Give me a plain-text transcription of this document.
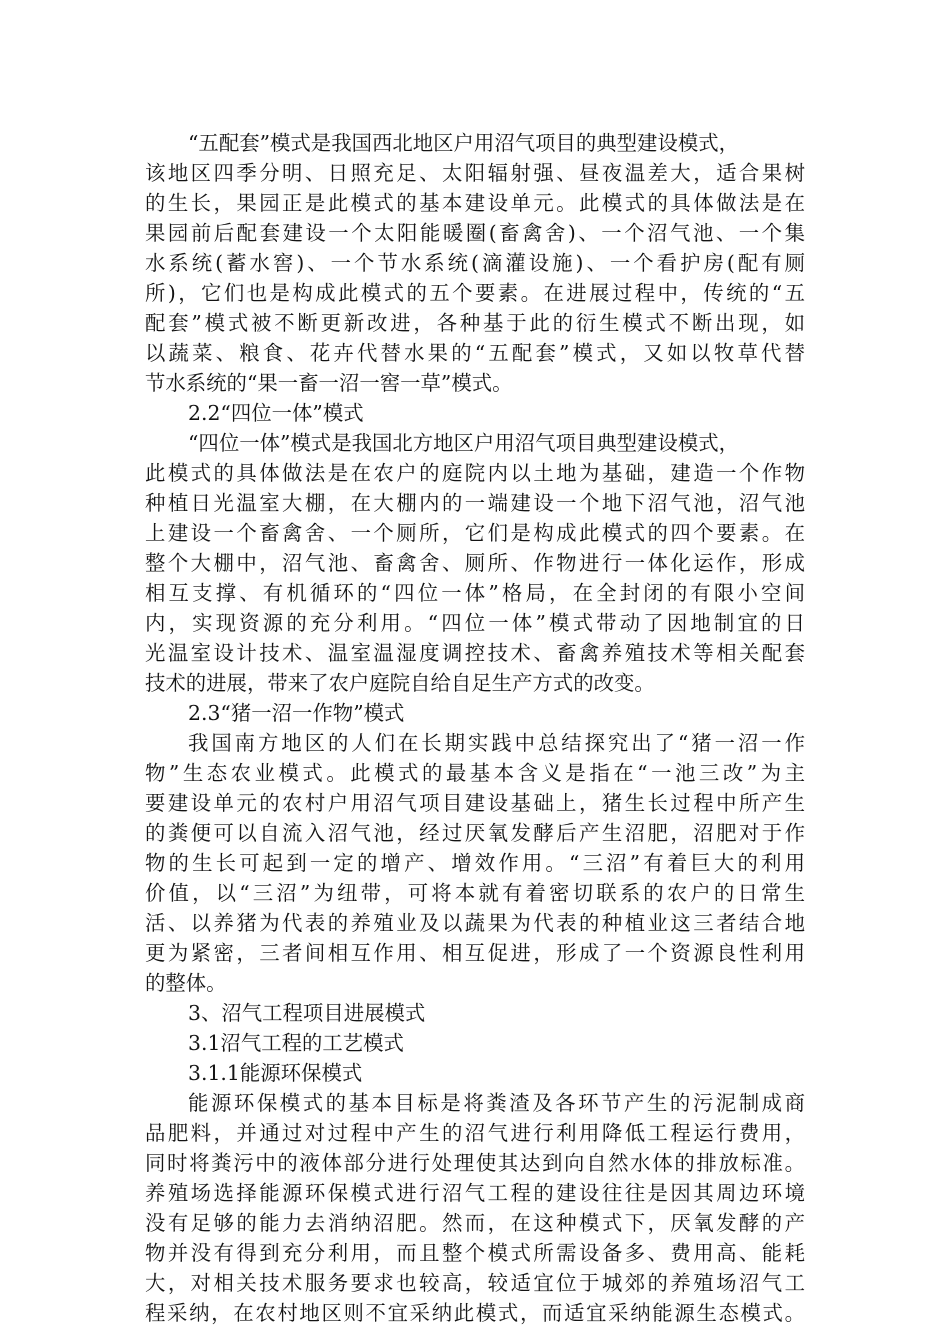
“五配套”模式是我国西北地区户用沼气项目的典型建设模式，
该地区四季分明、日照充足、太阳辐射强、昼夜温差大，适合果树
的生长，果园正是此模式的基本建设单元。此模式的具体做法是在
果园前后配套建设一个太阳能暖圈(畜禽舍)、一个沼气池、一个集
水系统(蓄水窖)、一个节水系统(滴灌设施)、一个看护房(配有厕
所)，它们也是构成此模式的五个要素。在进展过程中，传统的“五
配套”模式被不断更新改进，各种基于此的衍生模式不断出现，如
以蔬菜、粮食、花卉代替水果的“五配套”模式，又如以牧草代替
节水系统的“果一畜一沼一窖一草”模式。
2.2“四位一体”模式
“四位一体”模式是我国北方地区户用沼气项目典型建设模式，
此模式的具体做法是在农户的庭院内以土地为基础，建造一个作物
种植日光温室大棚，在大棚内的一端建设一个地下沼气池，沼气池
上建设一个畜禽舍、一个厕所，它们是构成此模式的四个要素。在
整个大棚中，沼气池、畜禽舍、厕所、作物进行一体化运作，形成
相互支撑、有机循环的“四位一体”格局，在全封闭的有限小空间
内，实现资源的充分利用。“四位一体”模式带动了因地制宜的日
光温室设计技术、温室温湿度调控技术、畜禽养殖技术等相关配套
技术的进展，带来了农户庭院自给自足生产方式的改变。
2.3“猪一沼一作物”模式
我国南方地区的人们在长期实践中总结探究出了“猪一沼一作
物”生态农业模式。此模式的最基本含义是指在“一池三改”为主
要建设单元的农村户用沼气项目建设基础上，猪生长过程中所产生
的粪便可以自流入沼气池，经过厌氧发酵后产生沼肥，沼肥对于作
物的生长可起到一定的增产、增效作用。“三沼”有着巨大的利用
价值，以“三沼”为纽带，可将本就有着密切联系的农户的日常生
活、以养猪为代表的养殖业及以蔬果为代表的种植业这三者结合地
更为紧密，三者间相互作用、相互促进，形成了一个资源良性利用
的整体。
3、沼气工程项目进展模式
3.1沼气工程的工艺模式
3.1.1能源环保模式
能源环保模式的基本目标是将粪渣及各环节产生的污泥制成商
品肥料，并通过对过程中产生的沼气进行利用降低工程运行费用，
同时将粪污中的液体部分进行处理使其达到向自然水体的排放标准。
养殖场选择能源环保模式进行沼气工程的建设往往是因其周边环境
没有足够的能力去消纳沼肥。然而，在这种模式下，厌氧发酵的产
物并没有得到充分利用，而且整个模式所需设备多、费用高、能耗
大，对相关技术服务要求也较高，较适宜位于城郊的养殖场沼气工
程采纳，在农村地区则不宜采纳此模式，而适宜采纳能源生态模式。
